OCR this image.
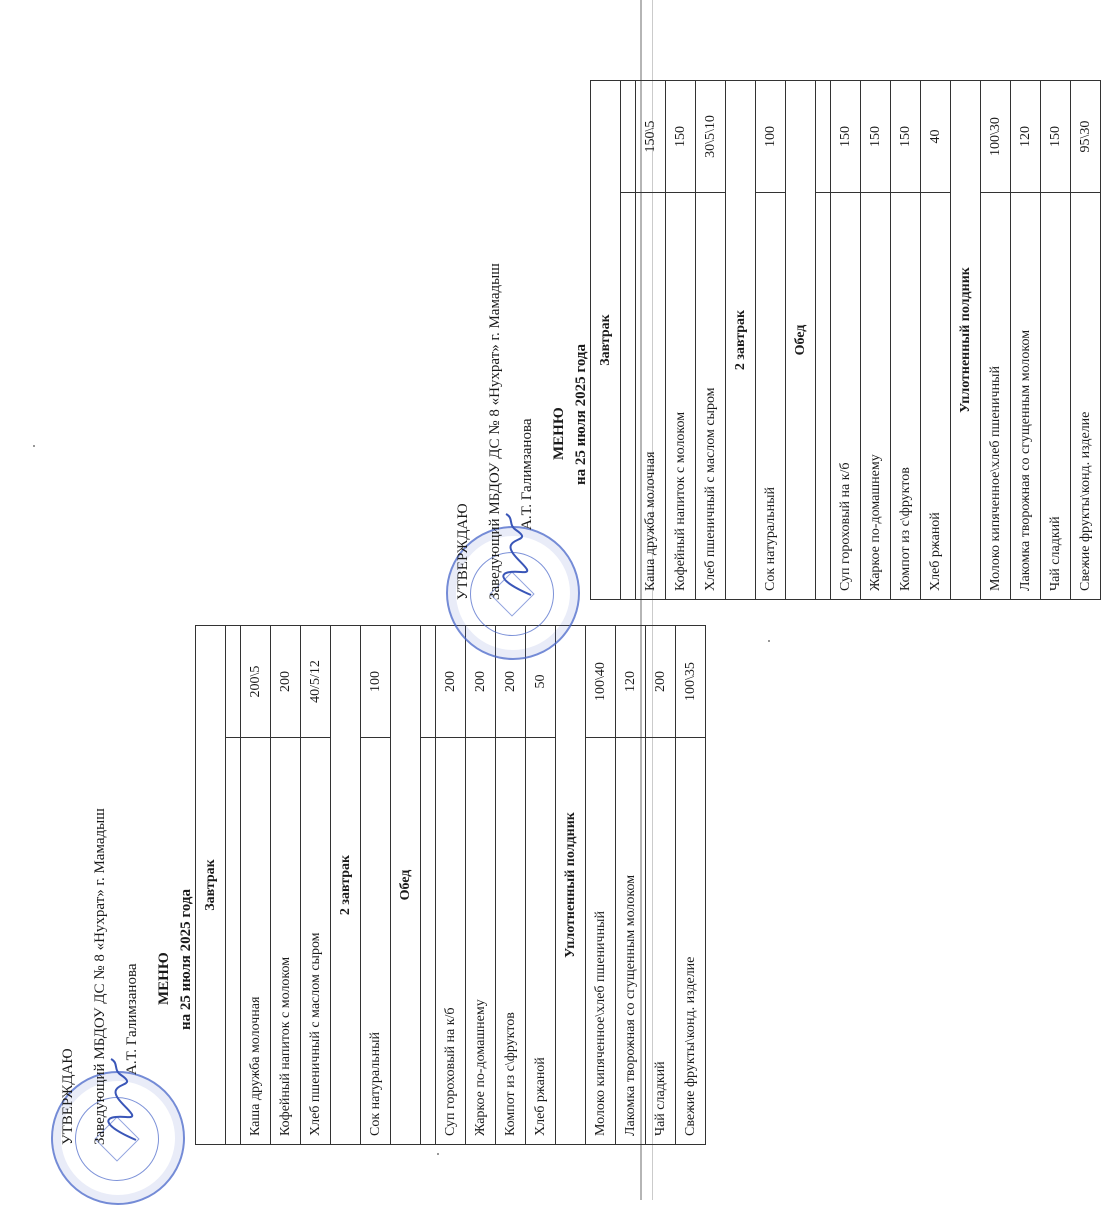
УТВЕРЖДАЮ	Заведующий МБДОУ ДС № 8 «Нухрат» г. Мамадыш	А.Т. Галимзанова	МЕНЮ на 25 июля 2025 года
Завтрак	

Каша дружба молочная	200\5
Кофейный напиток с молоком	200
Хлеб пшеничный с маслом сыром	40/5/12
2 завтрак	
Сок натуральный	100
Обед	

Суп гороховый на к/б	200
Жаркое по-домашнему	200
Компот из с\фруктов	200
Хлеб ржаной	50
Уплотненный полдник	
Молоко кипяченное\хлеб пшеничный	100\40
Лакомка творожная со сгущенным молоком	120
Чай сладкий	200
Свежие фрукты\конд. изделие	100\35
УТВЕРЖДАЮ	Заведующий МБДОУ ДС № 8 «Нухрат» г. Мамадыш	А.Т. Галимзанова	МЕНЮ на 25 июля 2025 года
Завтрак	

Каша дружба молочная	150\5
Кофейный напиток с молоком	150
Хлеб пшеничный с маслом сыром	30\5\10
2 завтрак	
Сок натуральный	100
Обед	

Суп гороховый на к/б	150
Жаркое по-домашнему	150
Компот из с\фруктов	150
Хлеб ржаной	40
Уплотненный полдник	
Молоко кипяченное\хлеб пшеничный	100\30
Лакомка творожная со сгущенным молоком	120
Чай сладкий	150
Свежие фрукты\конд. изделие	95\30
